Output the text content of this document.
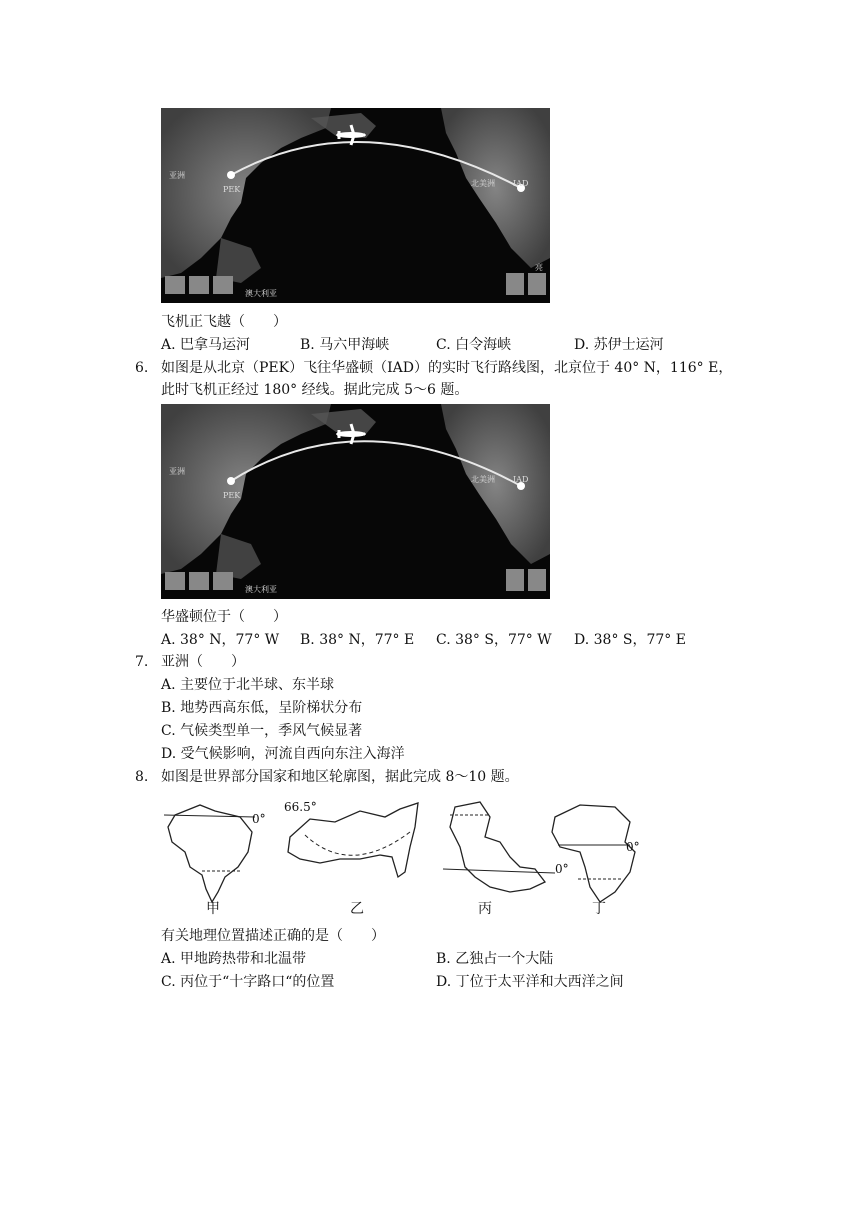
亚洲
PEK
北美洲 IAD
澳大利亚
亮
飞机正飞越（　　）
A. 巴拿马运河	B. 马六甲海峡	C. 白令海峡	D. 苏伊士运河
6. 如图是从北京（PEK）飞往华盛顿（IAD）的实时飞行路线图，北京位于 40° N，116° E，
此时飞机正经过 180° 经线。据此完成 5～6 题。
亚洲
PEK
北美洲 IAD
澳大利亚
华盛顿位于（　　）
A. 38° N，77° W B. 38° N，77° E C. 38° S，77° W D. 38° S，77° E
7. 亚洲（　　）
A. 主要位于北半球、东半球
B. 地势西高东低，呈阶梯状分布
C. 气候类型单一，季风气候显著
D. 受气候影响，河流自西向东注入海洋
8. 如图是世界部分国家和地区轮廓图，据此完成 8～10 题。
0°
66.5°
0°
0°
甲	乙	丙	丁
有关地理位置描述正确的是（　　）
A. 甲地跨热带和北温带	B. 乙独占一个大陆
C. 丙位于“十字路口“的位置	D. 丁位于太平洋和大西洋之间
